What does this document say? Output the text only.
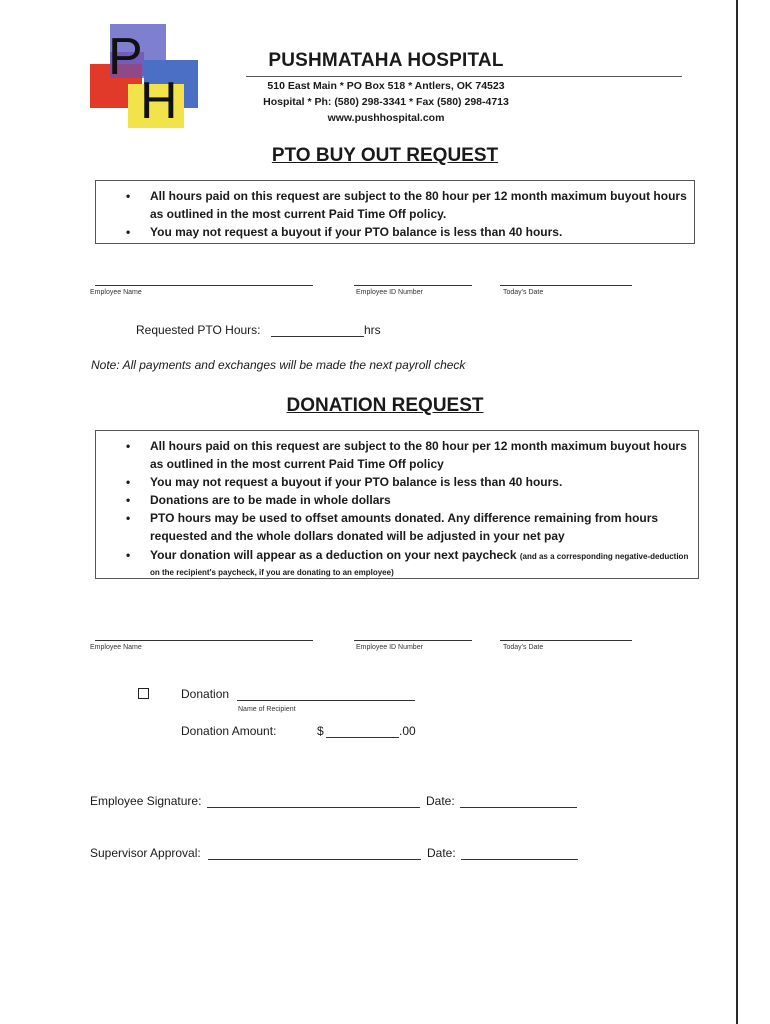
P
H
PUSHMATAHA HOSPITAL
510 East Main * PO Box 518 * Antlers, OK 74523
Hospital * Ph: (580) 298-3341 * Fax (580) 298-4713
www.pushhospital.com
PTO BUY OUT REQUEST
• All hours paid on this request are subject to the 80 hour per 12 month maximum buyout hours as outlined in the most current Paid Time Off policy.
• You may not request a buyout if your PTO balance is less than 40 hours.
Employee Name	Employee ID Number	Today's Date
Requested PTO Hours:	hrs
Note: All payments and exchanges will be made the next payroll check
DONATION REQUEST
• All hours paid on this request are subject to the 80 hour per 12 month maximum buyout hours as outlined in the most current Paid Time Off policy
• You may not request a buyout if your PTO balance is less than 40 hours.
• Donations are to be made in whole dollars
• PTO hours may be used to offset amounts donated. Any difference remaining from hours requested and the whole dollars donated will be adjusted in your net pay
• Your donation will appear as a deduction on your next paycheck (and as a corresponding negative-deduction on the recipient's paycheck, if you are donating to an employee)
Employee Name	Employee ID Number	Today's Date
Donation
Name of Recipient
Donation Amount:	$	.00
Employee Signature:	Date:
Supervisor Approval:	Date:
